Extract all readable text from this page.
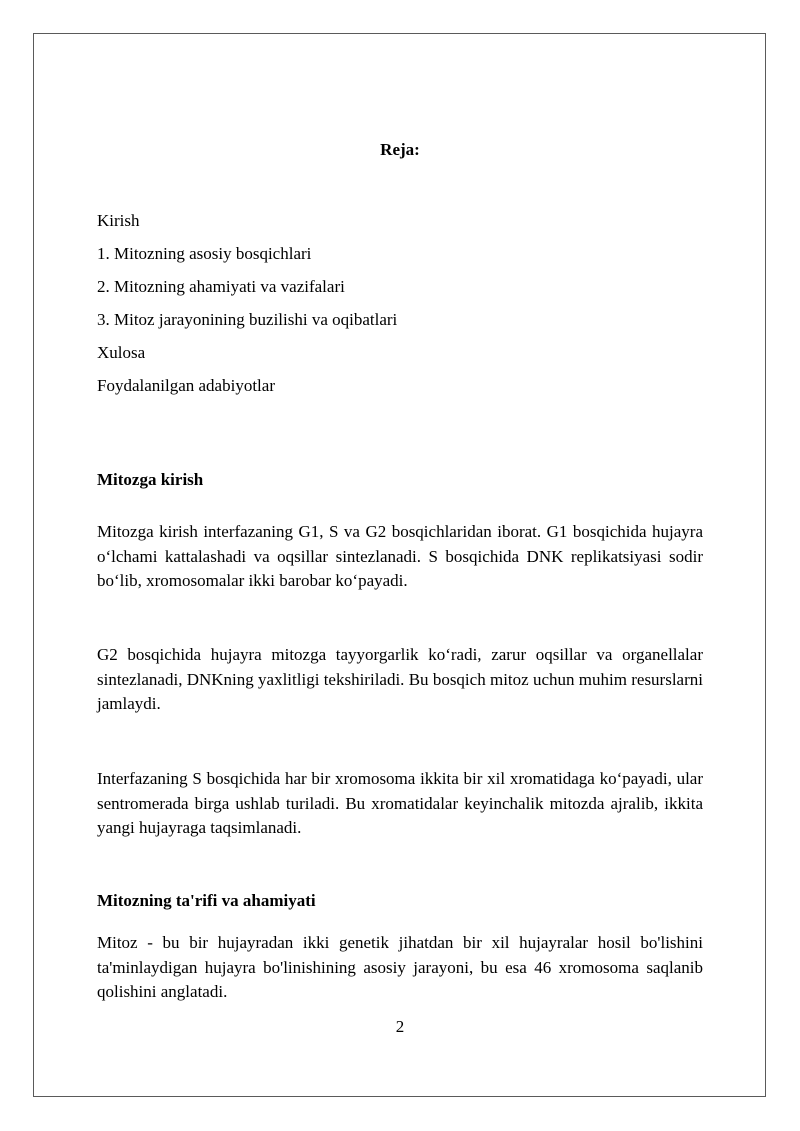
Reja:
Kirish
1. Mitozning asosiy bosqichlari
2. Mitozning ahamiyati va vazifalari
3. Mitoz jarayonining buzilishi va oqibatlari
Xulosa
Foydalanilgan adabiyotlar
Mitozga kirish

Mitozga kirish interfazaning G1, S va G2 bosqichlaridan iborat. G1 bosqichida hujayra o‘lchami kattalashadi va oqsillar sintezlanadi. S bosqichida DNK replikatsiyasi sodir bo‘lib, xromosomalar ikki barobar ko‘payadi.

G2 bosqichida hujayra mitozga tayyorgarlik ko‘radi, zarur oqsillar va organellalar sintezlanadi, DNKning yaxlitligi tekshiriladi. Bu bosqich mitoz uchun muhim resurslarni jamlaydi.

Interfazaning S bosqichida har bir xromosoma ikkita bir xil xromatidaga ko‘payadi, ular sentromerada birga ushlab turiladi. Bu xromatidalar keyinchalik mitozda ajralib, ikkita yangi hujayraga taqsimlanadi.

Mitozning ta'rifi va ahamiyati

Mitoz - bu bir hujayradan ikki genetik jihatdan bir xil hujayralar hosil bo'lishini ta'minlaydigan hujayra bo'linishining asosiy jarayoni, bu esa 46 xromosoma saqlanib qolishini anglatadi.

2
